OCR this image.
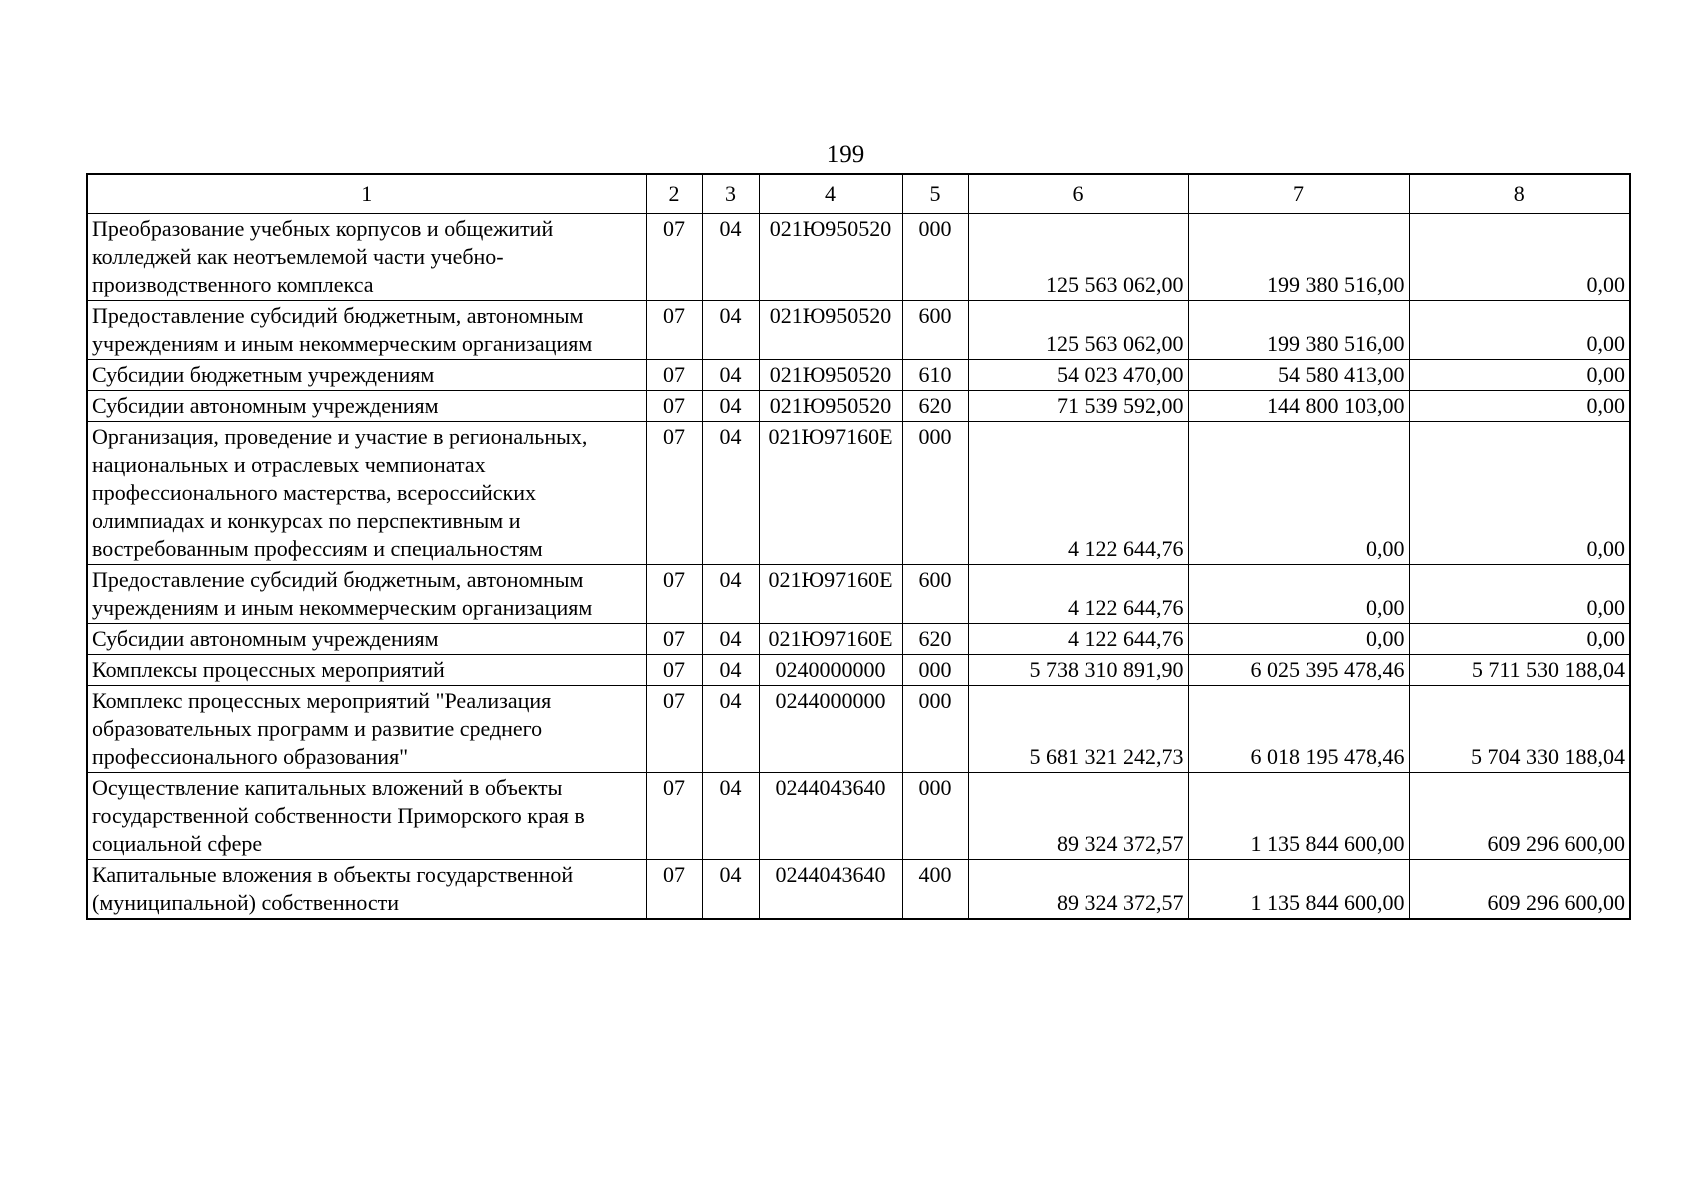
199
1	2	3	4	5	6	7	8
Преобразование учебных корпусов и общежитий колледжей как неотъемлемой части учебно-производственного комплекса	07	04	021Ю950520	000	125 563 062,00	199 380 516,00	0,00
Предоставление субсидий бюджетным, автономным учреждениям и иным некоммерческим организациям	07	04	021Ю950520	600	125 563 062,00	199 380 516,00	0,00
Субсидии бюджетным учреждениям	07	04	021Ю950520	610	54 023 470,00	54 580 413,00	0,00
Субсидии автономным учреждениям	07	04	021Ю950520	620	71 539 592,00	144 800 103,00	0,00
Организация, проведение и участие в региональных, национальных и отраслевых чемпионатах профессионального мастерства, всероссийских олимпиадах и конкурсах по перспективным и востребованным профессиям и специальностям	07	04	021Ю97160Е	000	4 122 644,76	0,00	0,00
Предоставление субсидий бюджетным, автономным учреждениям и иным некоммерческим организациям	07	04	021Ю97160Е	600	4 122 644,76	0,00	0,00
Субсидии автономным учреждениям	07	04	021Ю97160Е	620	4 122 644,76	0,00	0,00
Комплексы процессных мероприятий	07	04	0240000000	000	5 738 310 891,90	6 025 395 478,46	5 711 530 188,04
Комплекс процессных мероприятий "Реализация образовательных программ и развитие среднего профессионального образования"	07	04	0244000000	000	5 681 321 242,73	6 018 195 478,46	5 704 330 188,04
Осуществление капитальных вложений в объекты государственной собственности Приморского края в социальной сфере	07	04	0244043640	000	89 324 372,57	1 135 844 600,00	609 296 600,00
Капитальные вложения в объекты государственной (муниципальной) собственности	07	04	0244043640	400	89 324 372,57	1 135 844 600,00	609 296 600,00
